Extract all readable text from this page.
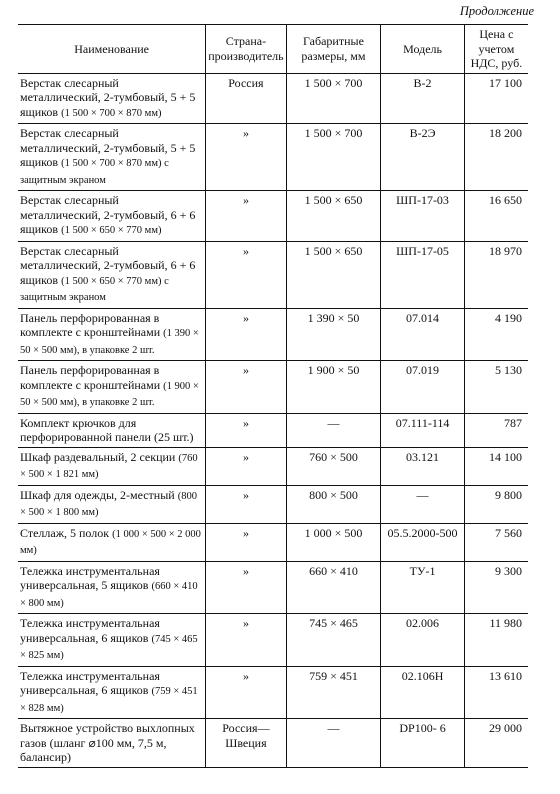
Продолжение
Наименование	Страна-производитель	Габаритные размеры, мм	Модель	Цена с учетом НДС, руб.
Верстак слесарный металлический, 2-тумбовый, 5 + 5 ящиков (1 500 × 700 × 870 мм)	Россия	1 500 × 700	В-2	17 100
Верстак слесарный металлический, 2-тумбовый, 5 + 5 ящиков (1 500 × 700 × 870 мм) с защитным экраном	»	1 500 × 700	В-2Э	18 200
Верстак слесарный металлический, 2-тумбовый, 6 + 6 ящиков (1 500 × 650 × 770 мм)	»	1 500 × 650	ШП-17-03	16 650
Верстак слесарный металлический, 2-тумбовый, 6 + 6 ящиков (1 500 × 650 × 770 мм) с защитным экраном	»	1 500 × 650	ШП-17-05	18 970
Панель перфорированная в комплекте с кронштейнами (1 390 × 50 × 500 мм), в упаковке 2 шт.	»	1 390 × 50	07.014	4 190
Панель перфорированная в комплекте с кронштейнами (1 900 × 50 × 500 мм), в упаковке 2 шт.	»	1 900 × 50	07.019	5 130
Комплект крючков для перфорированной панели (25 шт.)	»	—	07.111-114	787
Шкаф раздевальный, 2 секции (760 × 500 × 1 821 мм)	»	760 × 500	03.121	14 100
Шкаф для одежды, 2-местный (800 × 500 × 1 800 мм)	»	800 × 500	—	9 800
Стеллаж, 5 полок (1 000 × 500 × 2 000 мм)	»	1 000 × 500	05.5.2000-500	7 560
Тележка инструментальная универсальная, 5 ящиков (660 × 410 × 800 мм)	»	660 × 410	ТУ-1	9 300
Тележка инструментальная универсальная, 6 ящиков (745 × 465 × 825 мм)	»	745 × 465	02.006	11 980
Тележка инструментальная универсальная, 6 ящиков (759 × 451 × 828 мм)	»	759 × 451	02.106Н	13 610
Вытяжное устройство выхлопных газов (шланг ⌀100 мм, 7,5 м, балансир)	Россия—Швеция	—	DP100- 6	29 000
